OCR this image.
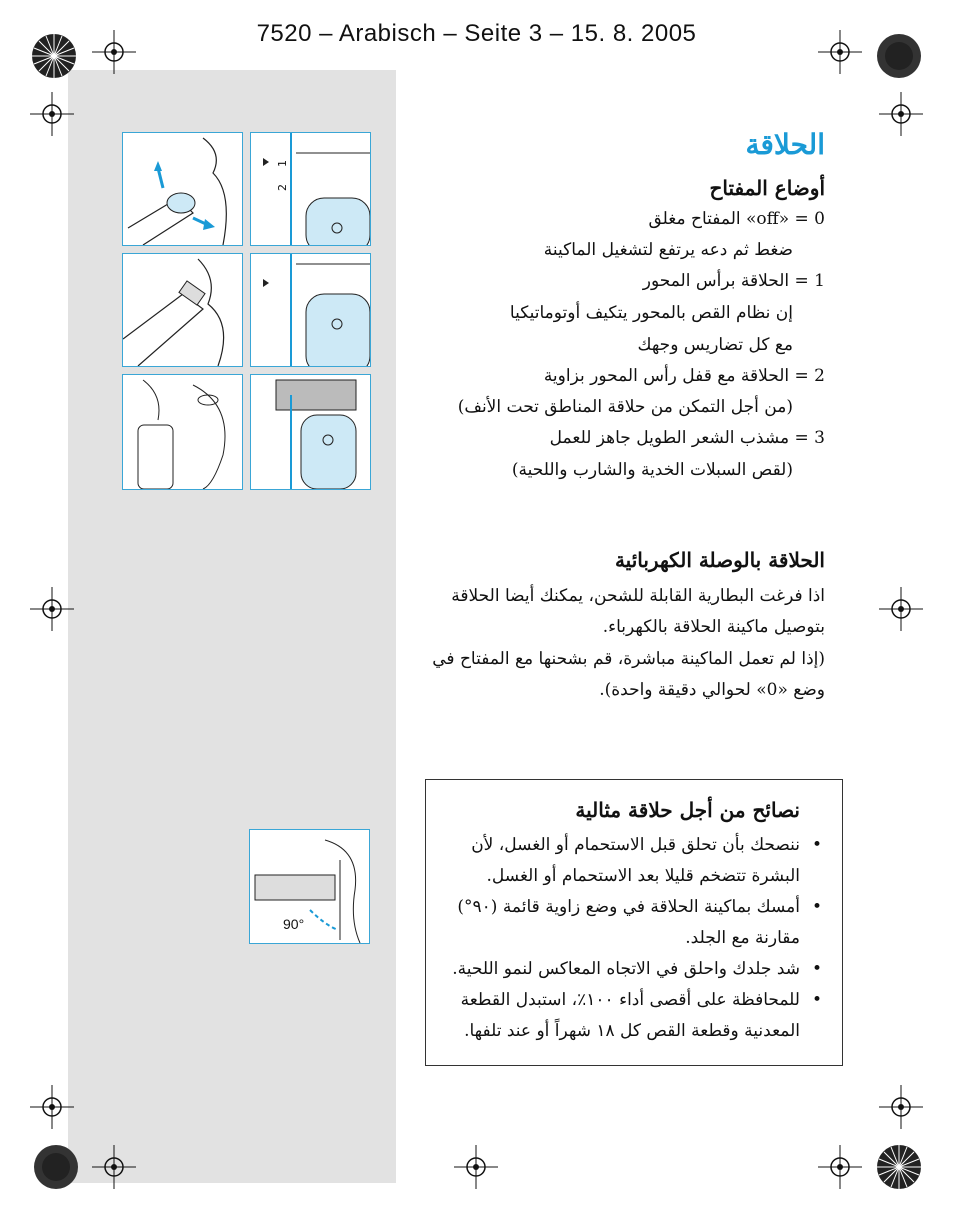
7520 – Arabisch – Seite 3 – 15. 8. 2005
1
2
90°
الحلاقة
أوضاع المفتاح
0 = «off» المفتاح مغلق
ضغط ثم دعه يرتفع لتشغيل الماكينة
1 = الحلاقة برأس المحور
إن نظام القص بالمحور يتكيف أوتوماتيكيا
مع كل تضاريس وجهك
2 = الحلاقة مع قفل رأس المحور بزاوية
(من أجل التمكن من حلاقة المناطق تحت الأنف)
3 = مشذب الشعر الطويل جاهز للعمل
(لقص السبلات الخدية والشارب واللحية)
الحلاقة بالوصلة الكهربائية
اذا فرغت البطارية القابلة للشحن، يمكنك أيضا الحلاقة
بتوصيل ماكينة الحلاقة بالكهرباء.
(إذا لم تعمل الماكينة مباشرة، قم بشحنها مع المفتاح في
وضع «0» لحوالي دقيقة واحدة).
نصائح من أجل حلاقة مثالية
• ننصحك بأن تحلق قبل الاستحمام أو الغسل، لأن البشرة تتضخم قليلا بعد الاستحمام أو الغسل.
• أمسك بماكينة الحلاقة في وضع زاوية قائمة (٩٠°) مقارنة مع الجلد.
• شد جلدك واحلق في الاتجاه المعاكس لنمو اللحية.
• للمحافظة على أقصى أداء ١٠٠٪، استبدل القطعة المعدنية وقطعة القص كل ١٨ شهراً أو عند تلفها.
